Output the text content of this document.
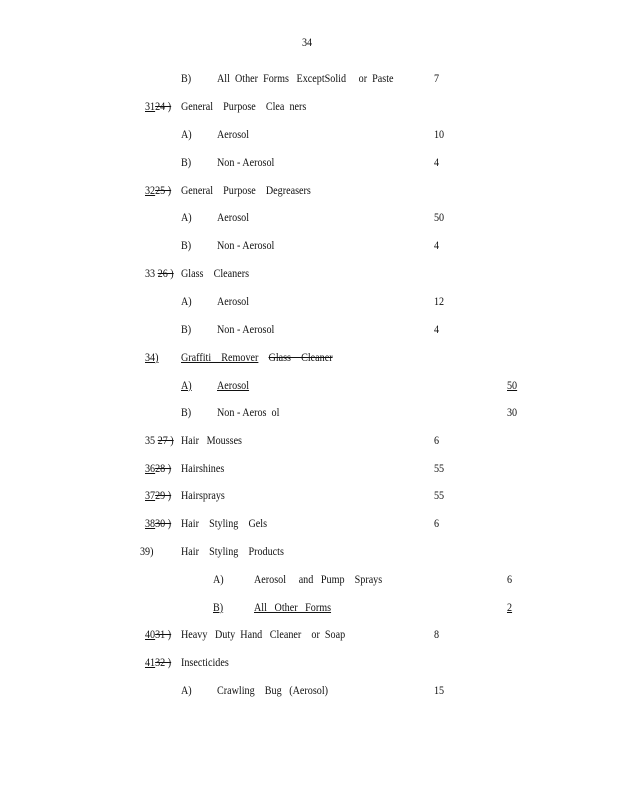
34
B) All  Other  Forms   ExceptSolid     or  Paste	7
3124 ) General    Purpose    Clea  ners
A) Aerosol	10
B) Non - Aerosol	4
3225 ) General    Purpose    Degreasers
A) Aerosol	50
B) Non - Aerosol	4
33 26 ) Glass    Cleaners
A) Aerosol	12
B) Non - Aerosol	4
34) Graffiti    Remover Glass    Cleaner
A) Aerosol	50
B) Non - Aeros  ol	30
35 27 ) Hair   Mousses	6
3628 ) Hairshines	55
3729 ) Hairsprays	55
3830 ) Hair    Styling    Gels	6
39) Hair    Styling    Products
A)	Aerosol     and   Pump    Sprays	6
B)	All   Other   Forms	2
4031 ) Heavy   Duty  Hand   Cleaner    or  Soap	8
4132 ) Insecticides
A) Crawling    Bug   (Aerosol)	15
